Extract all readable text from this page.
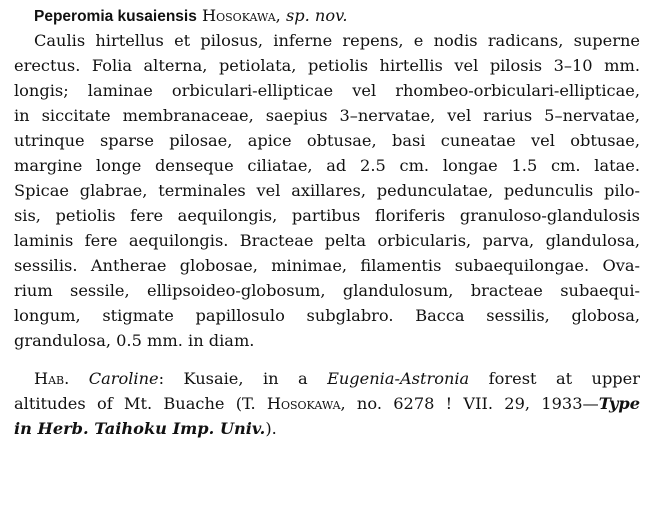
Peperomia kusaiensis Hosokawa, sp. nov.
Caulis hirtellus et pilosus, inferne repens, e nodis radicans, superne
erectus. Folia alterna, petiolata, petiolis hirtellis vel pilosis 3–10 mm.
longis; laminae orbiculari-ellipticae vel rhombeo-orbiculari-ellipticae,
in siccitate membranaceae, saepius 3–nervatae, vel rarius 5–nervatae,
utrinque sparse pilosae, apice obtusae, basi cuneatae vel obtusae,
margine longe denseque ciliatae, ad 2.5 cm. longae 1.5 cm. latae.
Spicae glabrae, terminales vel axillares, pedunculatae, pedunculis pilo-
sis, petiolis fere aequilongis, partibus floriferis granuloso-glandulosis
laminis fere aequilongis. Bracteae pelta orbicularis, parva, glandulosa,
sessilis. Antherae globosae, minimae, filamentis subaequilongae. Ova-
rium sessile, ellipsoideo-globosum, glandulosum, bracteae subaequi-
longum, stigmate papillosulo subglabro. Bacca sessilis, globosa,
grandulosa, 0.5 mm. in diam.
Hab. Caroline: Kusaie, in a Eugenia-Astronia forest at upper
altitudes of Mt. Buache (T. Hosokawa, no. 6278 ! VII. 29, 1933—Type
in Herb. Taihoku Imp. Univ.).
